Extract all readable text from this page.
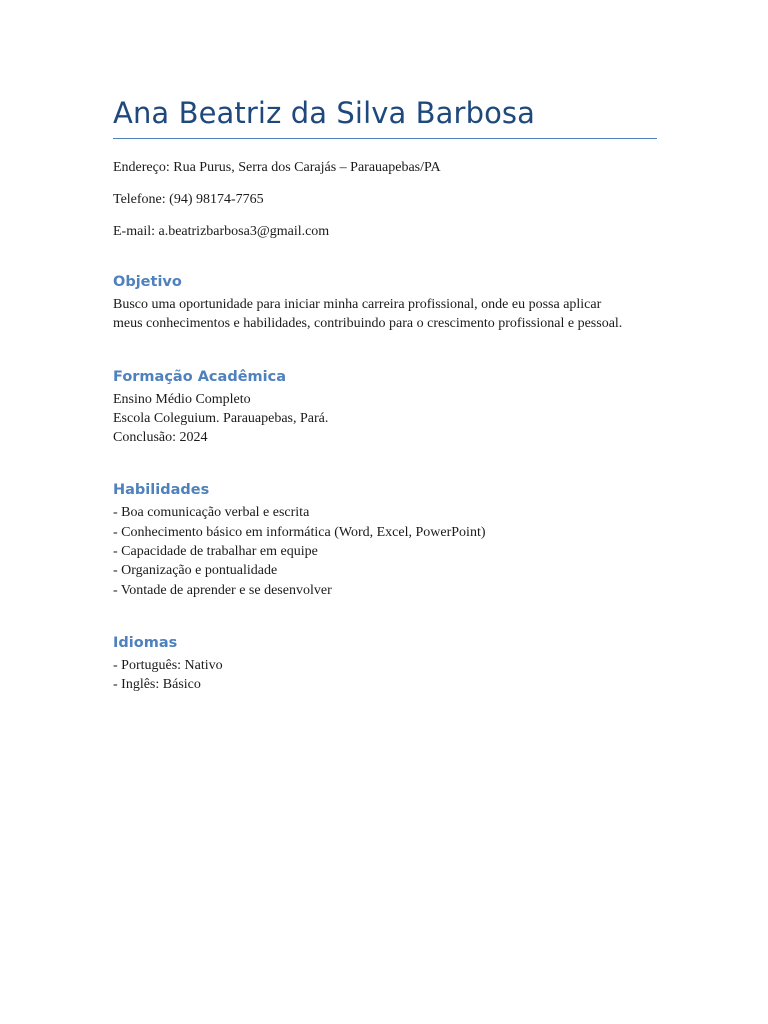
Ana Beatriz da Silva Barbosa

Endereço: Rua Purus, Serra dos Carajás – Parauapebas/PA

Telefone: (94) 98174-7765

E-mail: a.beatrizbarbosa3@gmail.com

Objetivo
Busco uma oportunidade para iniciar minha carreira profissional, onde eu possa aplicar
meus conhecimentos e habilidades, contribuindo para o crescimento profissional e pessoal.
Formação Acadêmica
Ensino Médio Completo
Escola Coleguium. Parauapebas, Pará.
Conclusão: 2024
Habilidades
- Boa comunicação verbal e escrita
- Conhecimento básico em informática (Word, Excel, PowerPoint)
- Capacidade de trabalhar em equipe
- Organização e pontualidade
- Vontade de aprender e se desenvolver
Idiomas
- Português: Nativo
- Inglês: Básico
